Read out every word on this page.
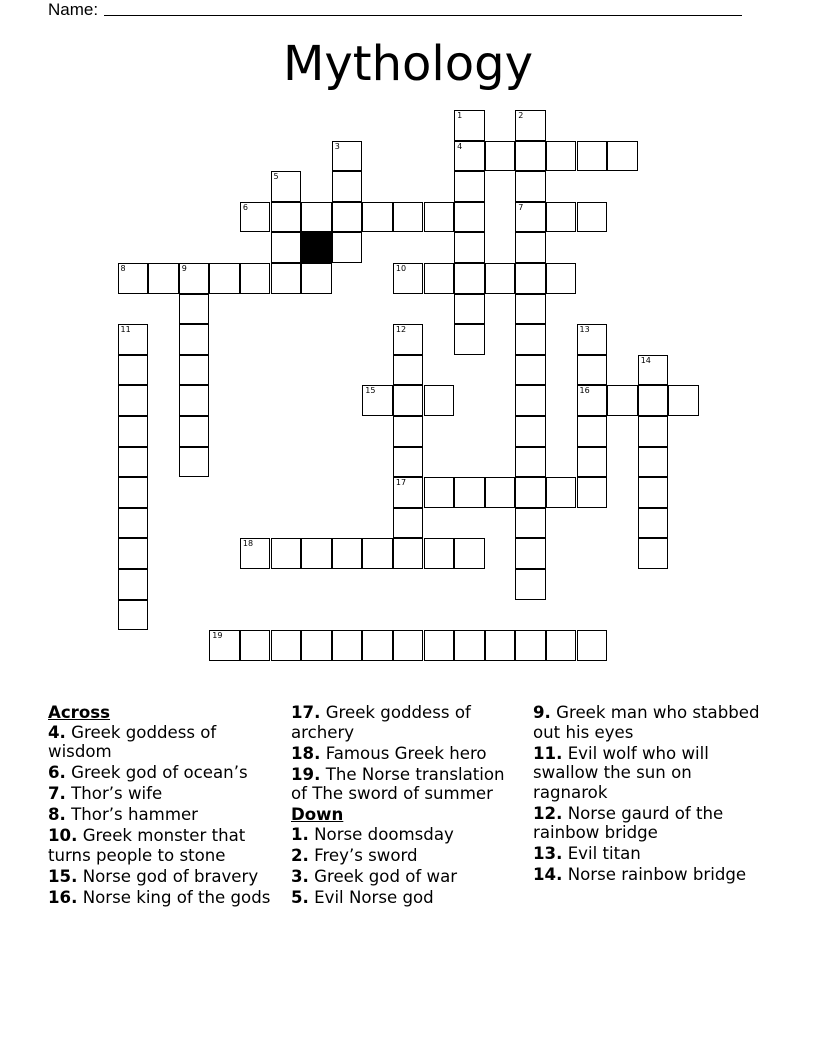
Name:
Mythology
1	2
3	4
5
6	7
8	9	10
11	12	13
14
15	16
17
18
19
Across
4. Greek goddess of wisdom
6. Greek god of ocean’s
7. Thor’s wife
8. Thor’s hammer
10. Greek monster that turns people to stone
15. Norse god of bravery
16. Norse king of the gods
17. Greek goddess of archery
18. Famous Greek hero
19. The Norse translation of The sword of summer
Down
1. Norse doomsday
2. Frey’s sword
3. Greek god of war
5. Evil Norse god
9. Greek man who stabbed out his eyes
11. Evil wolf who will swallow the sun on ragnarok
12. Norse gaurd of the rainbow bridge
13. Evil titan
14. Norse rainbow bridge
